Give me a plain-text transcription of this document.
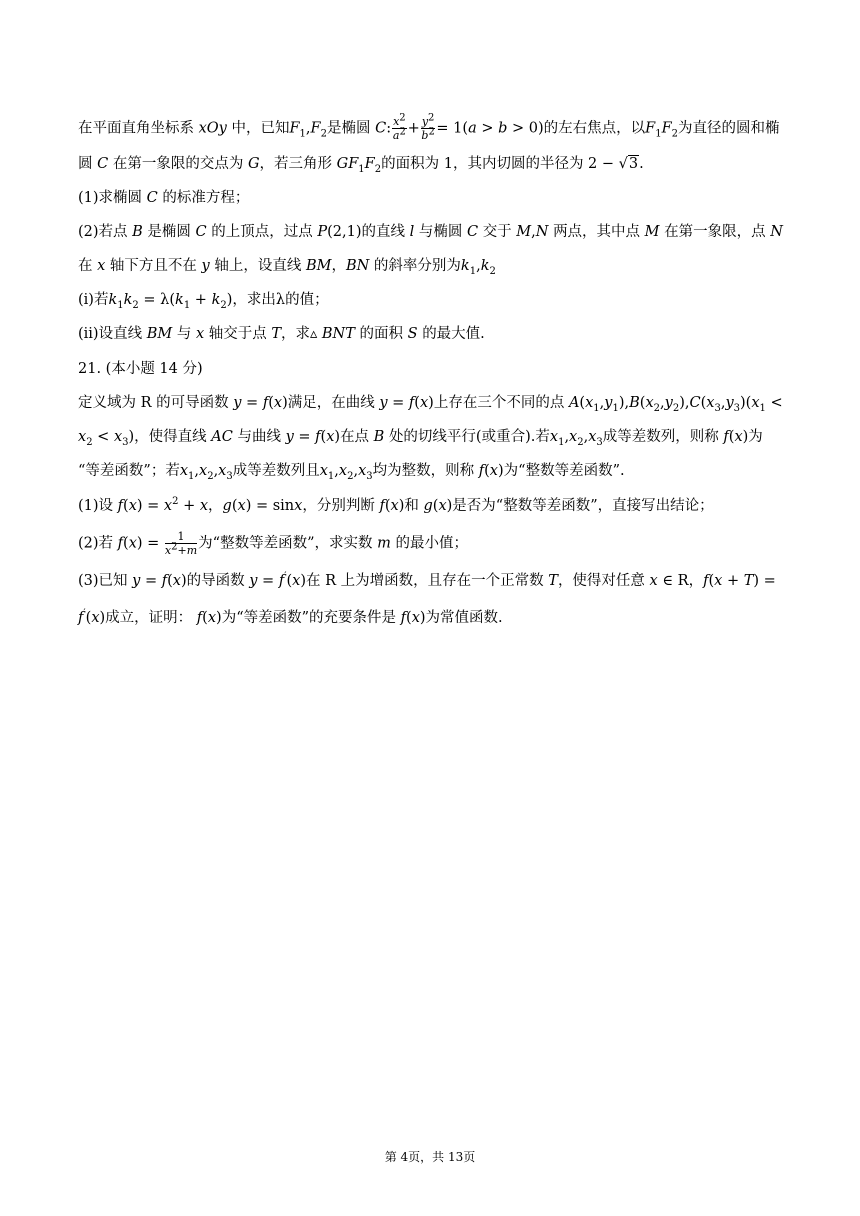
在平面直角坐标系 xOy 中，已知$F_1,F_2$是椭圆 C: $\frac{x^2}{a^2} + \frac{y^2}{b^2} = 1(a > b > 0)$的左右焦点，以$F_1F_2$为直径的圆和椭
圆 C 在第一象限的交点为 G，若三角形 $GF_1F_2$的面积为 1，其内切圆的半径为 2 − √3.
(1)求椭圆 C 的标准方程；
(2)若点 B 是椭圆 C 的上顶点，过点 P(2,1)的直线 l 与椭圆 C 交于 M,N 两点，其中点 M 在第一象限，点 N
在 x 轴下方且不在 y 轴上，设直线 BM，BN 的斜率分别为$k_1,k_2$
(ⅰ)若$k_1k_2 = \lambda(k_1 + k_2)$，求出λ的值；
(ⅱ)设直线 BM 与 x 轴交于点 T，求▵ BNT 的面积 S 的最大值.
21. (本小题 14 分)
定义域为 R 的可导函数 y = f(x)满足，在曲线 y = f(x)上存在三个不同的点 $A(x_1,y_1),B(x_2,y_2),C(x_3,y_3)(x_1$ <
$x_2 < x_3$)，使得直线 AC 与曲线 y = f(x)在点 B 处的切线平行(或重合).若$x_1,x_2,x_3$成等差数列，则称 f(x)为
“等差函数”；若$x_1,x_2,x_3$成等差数列且$x_1,x_2,x_3$均为整数，则称 f(x)为“整数等差函数”.
(1)设 $f(x) = x^2 + x$，g(x) = sinx，分别判断 f(x)和 g(x)是否为“整数等差函数”，直接写出结论；
(2)若 $f(x) = \frac{1}{x^2+m}$ 为“整数等差函数”，求实数 m 的最小值；
(3)已知 y = f(x)的导函数 y = f′(x)在 R 上为增函数，且存在一个正常数 T，使得对任意 x ∈ R，f(x + T) =
f′(x)成立，证明： f(x)为“等差函数”的充要条件是 f(x)为常值函数.
第 4页，共 13页
